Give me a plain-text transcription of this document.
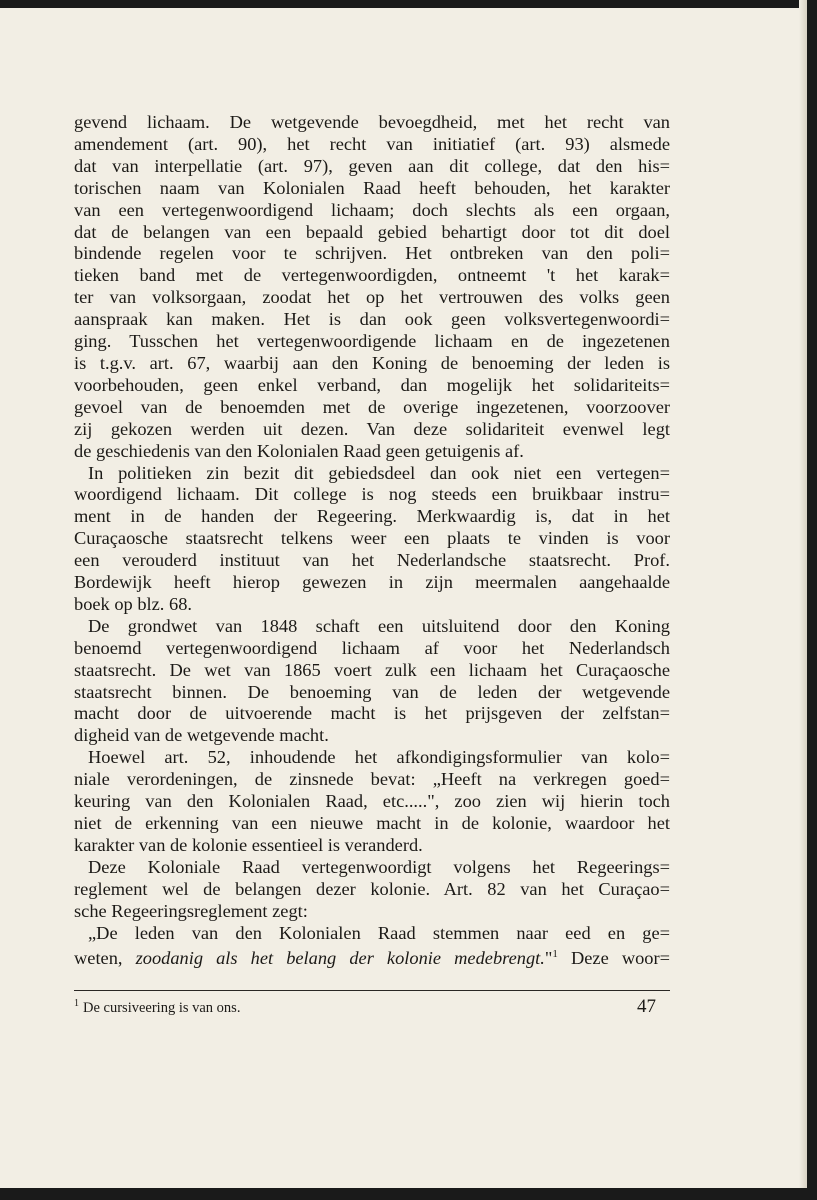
gevend lichaam. De wetgevende bevoegdheid, met het recht van
amendement (art. 90), het recht van initiatief (art. 93) alsmede
dat van interpellatie (art. 97), geven aan dit college, dat den his=
torischen naam van Kolonialen Raad heeft behouden, het karakter
van een vertegenwoordigend lichaam; doch slechts als een orgaan,
dat de belangen van een bepaald gebied behartigt door tot dit doel
bindende regelen voor te schrijven. Het ontbreken van den poli=
tieken band met de vertegenwoordigden, ontneemt 't het karak=
ter van volksorgaan, zoodat het op het vertrouwen des volks geen
aanspraak kan maken. Het is dan ook geen volksvertegenwoordi=
ging. Tusschen het vertegenwoordigende lichaam en de ingezetenen
is t.g.v. art. 67, waarbij aan den Koning de benoeming der leden is
voorbehouden, geen enkel verband, dan mogelijk het solidariteits=
gevoel van de benoemden met de overige ingezetenen, voorzoover
zij gekozen werden uit dezen. Van deze solidariteit evenwel legt
de geschiedenis van den Kolonialen Raad geen getuigenis af.
In politieken zin bezit dit gebiedsdeel dan ook niet een vertegen=
woordigend lichaam. Dit college is nog steeds een bruikbaar instru=
ment in de handen der Regeering. Merkwaardig is, dat in het
Curaçaosche staatsrecht telkens weer een plaats te vinden is voor
een verouderd instituut van het Nederlandsche staatsrecht. Prof.
Bordewijk heeft hierop gewezen in zijn meermalen aangehaalde
boek op blz. 68.
De grondwet van 1848 schaft een uitsluitend door den Koning
benoemd vertegenwoordigend lichaam af voor het Nederlandsch
staatsrecht. De wet van 1865 voert zulk een lichaam het Curaçaosche
staatsrecht binnen. De benoeming van de leden der wetgevende
macht door de uitvoerende macht is het prijsgeven der zelfstan=
digheid van de wetgevende macht.
Hoewel art. 52, inhoudende het afkondigingsformulier van kolo=
niale verordeningen, de zinsnede bevat: „Heeft na verkregen goed=
keuring van den Kolonialen Raad, etc.....", zoo zien wij hierin toch
niet de erkenning van een nieuwe macht in de kolonie, waardoor het
karakter van de kolonie essentieel is veranderd.
Deze Koloniale Raad vertegenwoordigt volgens het Regeerings=
reglement wel de belangen dezer kolonie. Art. 82 van het Curaçao=
sche Regeeringsreglement zegt:
„De leden van den Kolonialen Raad stemmen naar eed en ge=
weten, zoodanig als het belang der kolonie medebrengt."$^1$ Deze woor=
$^1$ De cursiveering is van ons.	47
